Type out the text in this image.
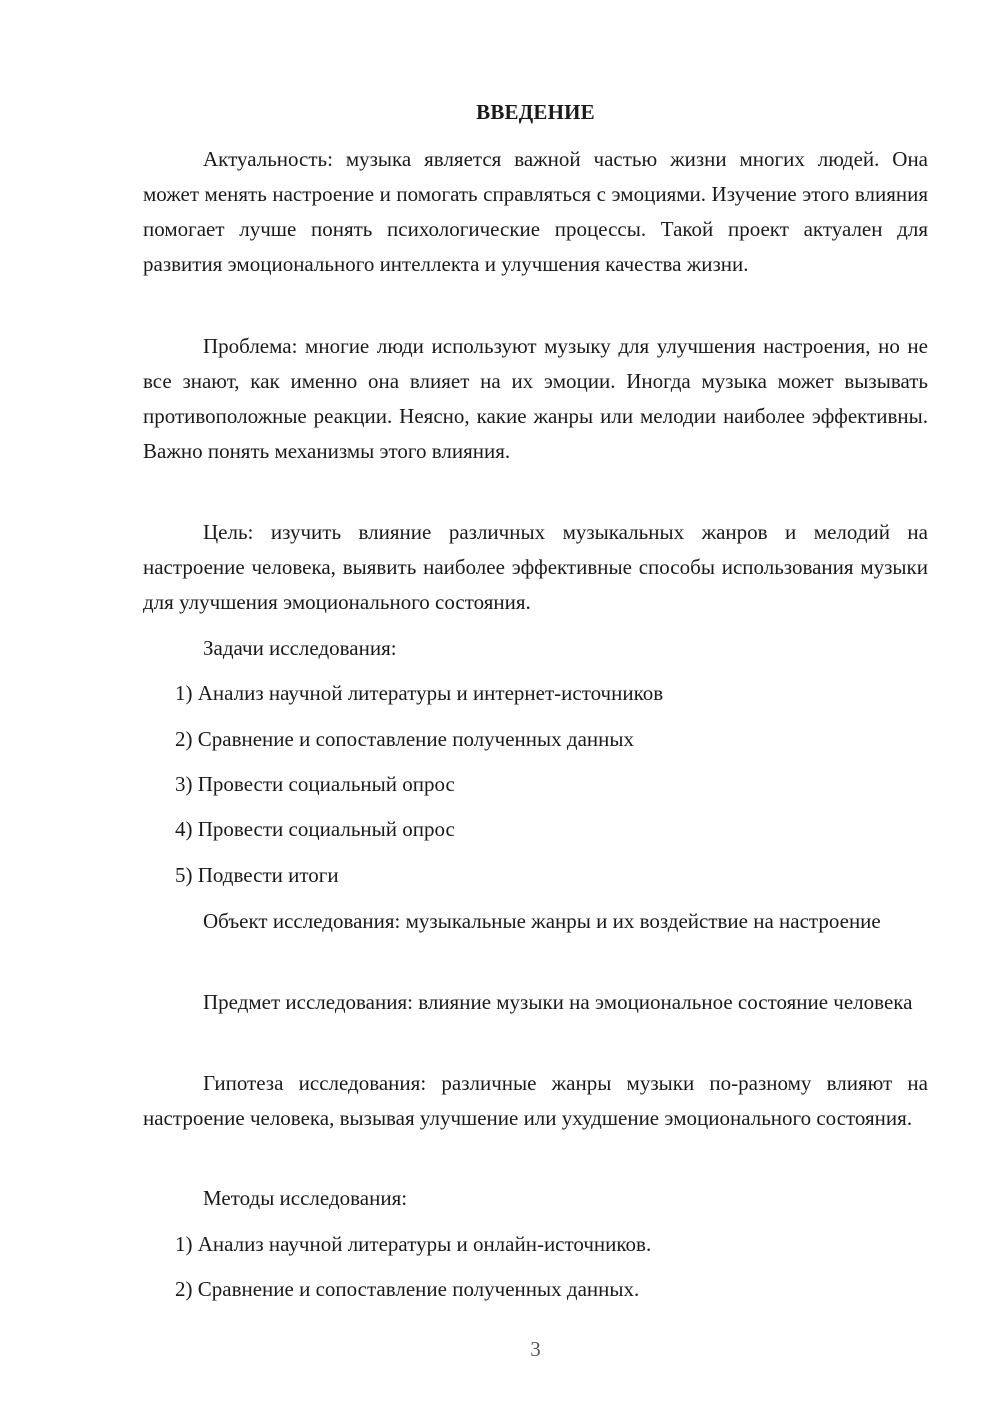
ВВЕДЕНИЕ

Актуальность: музыка является важной частью жизни многих людей. Она может менять настроение и помогать справляться с эмоциями. Изучение этого влияния помогает лучше понять психологические процессы. Такой проект актуален для развития эмоционального интеллекта и улучшения качества жизни.

Проблема: многие люди используют музыку для улучшения настроения, но не все знают, как именно она влияет на их эмоции. Иногда музыка может вызывать противоположные реакции. Неясно, какие жанры или мелодии наиболее эффективны. Важно понять механизмы этого влияния.

Цель: изучить влияние различных музыкальных жанров и мелодий на настроение человека, выявить наиболее эффективные способы использования музыки для улучшения эмоционального состояния.

Задачи исследования:

1) Анализ научной литературы и интернет-источников

2) Сравнение и сопоставление полученных данных

3) Провести социальный опрос

4) Провести социальный опрос

5) Подвести итоги

Объект исследования: музыкальные жанры и их воздействие на настроение

Предмет исследования: влияние музыки на эмоциональное состояние человека

Гипотеза исследования: различные жанры музыки по-разному влияют на настроение человека, вызывая улучшение или ухудшение эмоционального состояния.

Методы исследования:

1) Анализ научной литературы и онлайн-источников.

2) Сравнение и сопоставление полученных данных.

3
